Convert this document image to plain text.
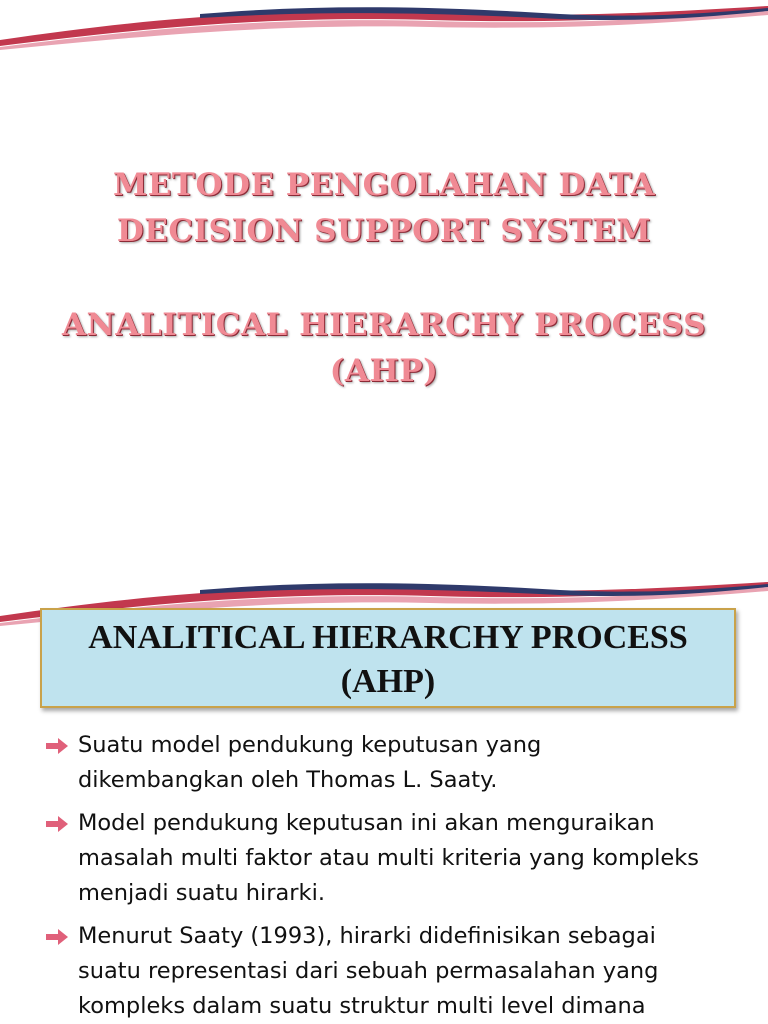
METODE PENGOLAHAN DATA
DECISION SUPPORT SYSTEM
ANALITICAL HIERARCHY PROCESS
(AHP)
ANALITICAL HIERARCHY PROCESS
(AHP)
Suatu model pendukung keputusan yang
dikembangkan oleh Thomas L. Saaty.
Model pendukung keputusan ini akan menguraikan
masalah multi faktor atau multi kriteria yang kompleks
menjadi suatu hirarki.
Menurut Saaty (1993), hirarki didefinisikan sebagai
suatu representasi dari sebuah permasalahan yang
kompleks dalam suatu struktur multi level dimana
